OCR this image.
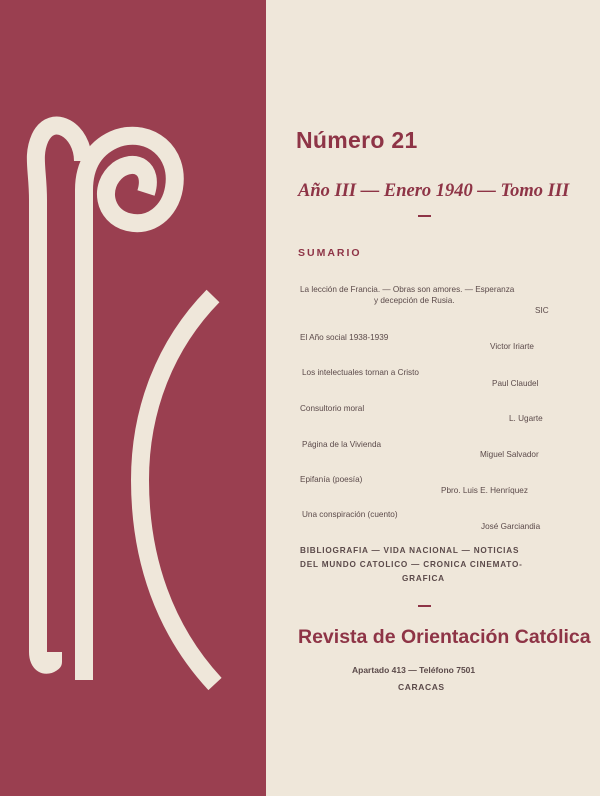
Número 21
Año III — Enero 1940 — Tomo III
SUMARIO
La lección de Francia. — Obras son amores. — Esperanza
y decepción de Rusia.
SIC
El Año social 1938-1939
Victor Iriarte
Los intelectuales tornan a Cristo
Paul Claudel
Consultorio moral
L. Ugarte
Página de la Vivienda
Miguel Salvador
Epifanía (poesía)
Pbro. Luis E. Henríquez
Una conspiración (cuento)
José Garciandia
BIBLIOGRAFIA — VIDA NACIONAL — NOTICIAS
DEL MUNDO CATOLICO — CRONICA CINEMATO-
GRAFICA
Revista de Orientación Católica
Apartado 413 — Teléfono 7501
CARACAS
